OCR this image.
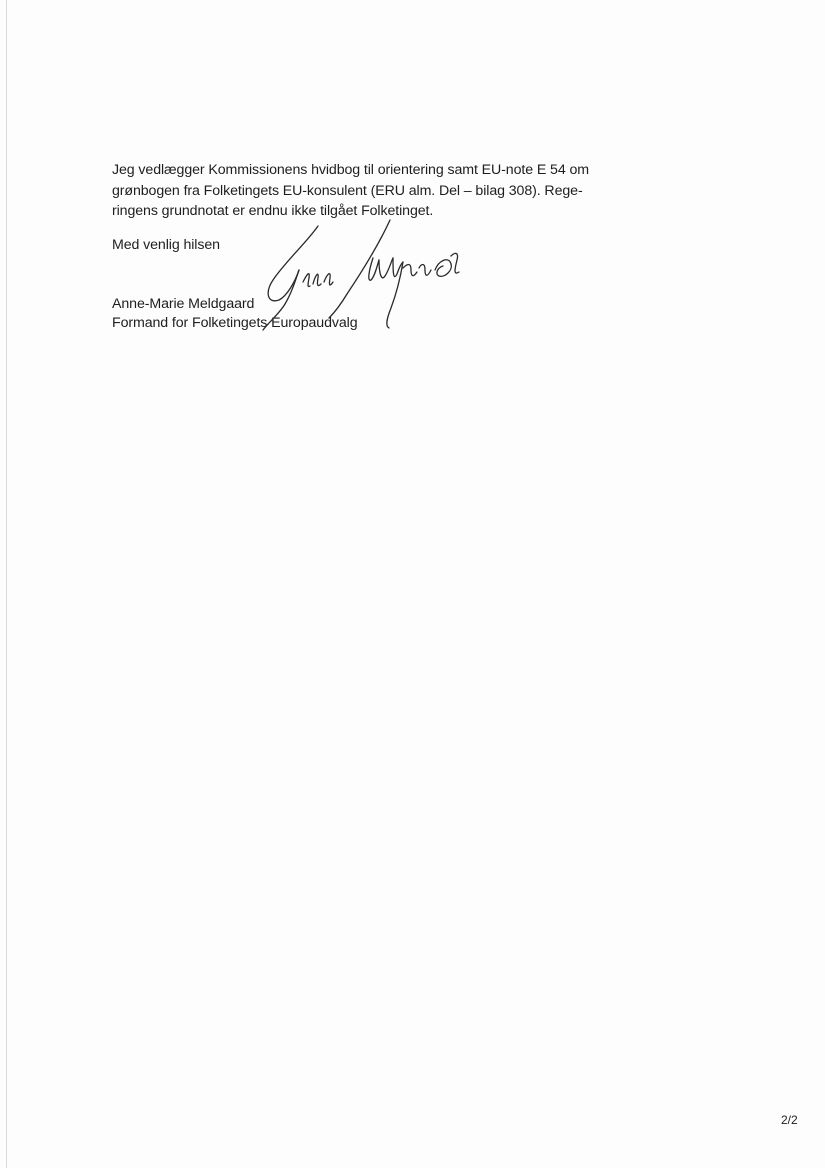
Jeg vedlægger Kommissionens hvidbog til orientering samt EU-note E 54 om
grønbogen fra Folketingets EU-konsulent (ERU alm. Del – bilag 308). Rege-
ringens grundnotat er endnu ikke tilgået Folketinget.
Med venlig hilsen
Anne-Marie Meldgaard
Formand for Folketingets Europaudvalg
2/2
